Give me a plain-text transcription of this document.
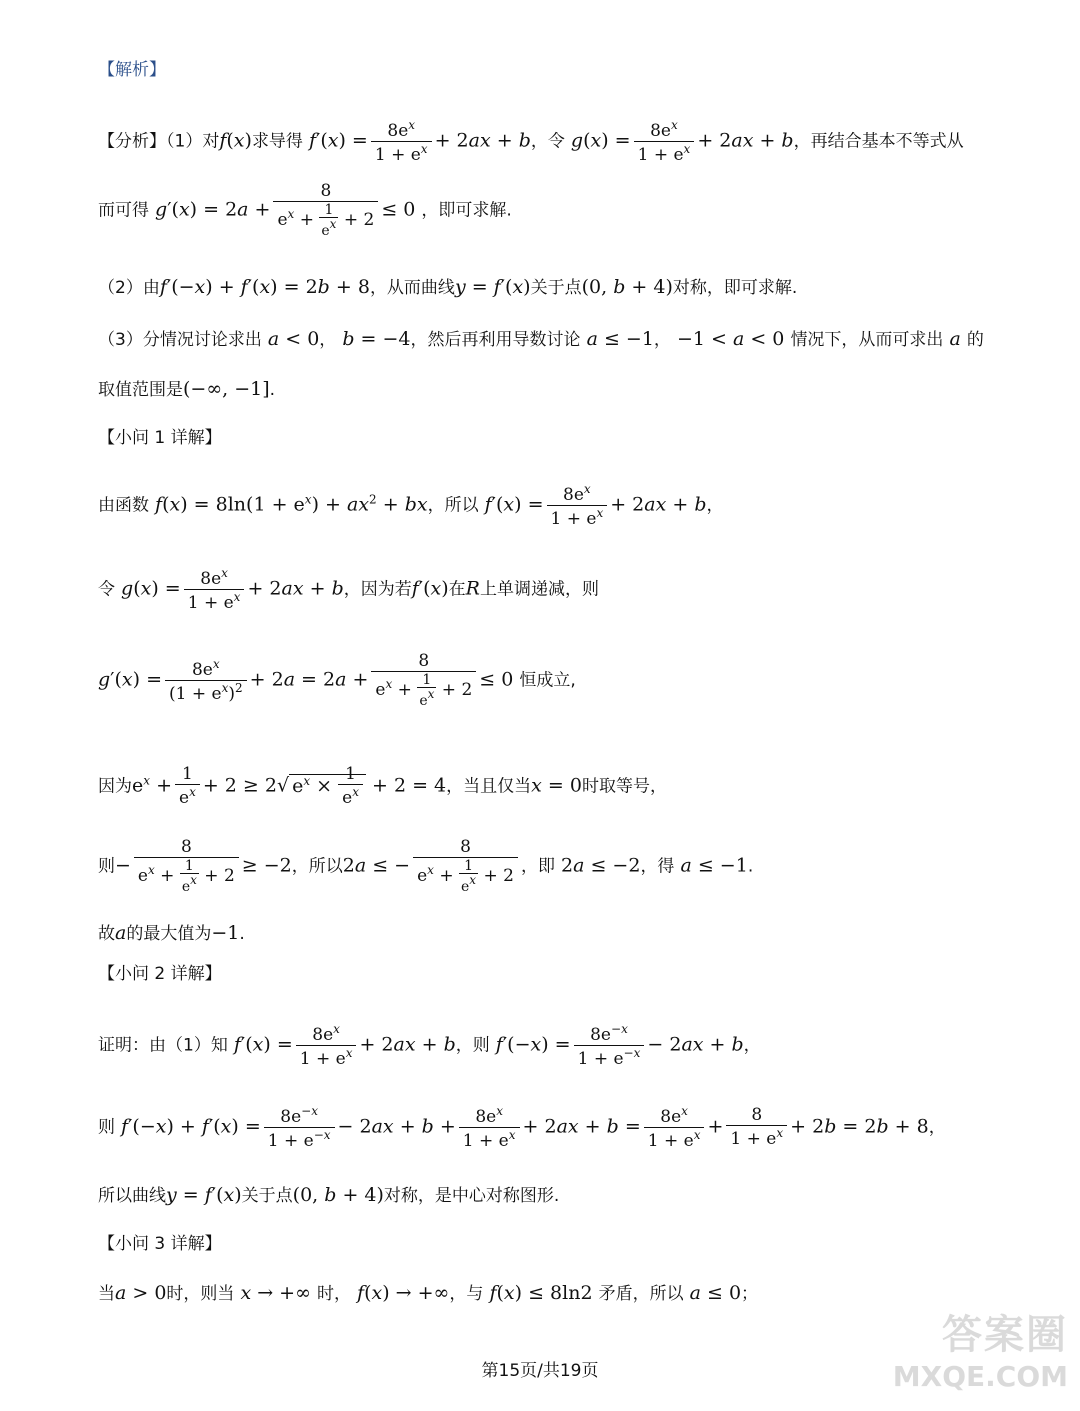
【解析】
【分析】（1）对f(x)求导得 $f'(x) = \frac{8e^x}{1 + e^x} + 2ax + b$，令 $g(x) = \frac{8e^x}{1 + e^x} + 2ax + b$，再结合基本不等式从
而可得 $g'(x) = 2a + \frac{8}{e^x + \frac{1}{e^x} + 2} \le 0$ ，即可求解.
（2）由f′(−x) + f′(x) = 2b + 8，从而曲线y = f′(x)关于点(0, b + 4)对称，即可求解.
（3）分情况讨论求出 a < 0， b = −4，然后再利用导数讨论 a ≤ −1， −1 < a < 0 情况下，从而可求出 a 的
取值范围是(−∞, −1].
【小问 1 详解】
由函数 $f(x) = 8\ln(1 + e^x) + ax^2$ + bx，所以 $f'(x) = \frac{8e^x}{1 + e^x} + 2ax + b$，
令 $g(x) = \frac{8e^x}{1 + e^x} + 2ax + b$，因为若f′(x)在R上单调递减，则
$g'(x) = \frac{8e^x}{(1 + e^x)^2} + 2a = 2a + \frac{8}{e^x + \frac{1}{e^x} + 2} \le 0$ 恒成立,
因为$e^x + \frac{1}{e^x} + 2 \ge 2√$ $e^x \times \frac{1}{e^x} + 2 = 4$，当且仅当x = 0时取等号，
则− $\frac{8}{e^x + \frac{1}{e^x} + 2} \ge -2$，所以2a ≤ − $\frac{8}{e^x + \frac{1}{e^x} + 2}$ ，即 2a ≤ −2，得 a ≤ −1.
故a的最大值为−1.
【小问 2 详解】
证明：由（1）知 $f'(x) = \frac{8e^x}{1 + e^x} + 2ax + b$，则 $f'(-x) = \frac{8e^{-x}}{1 + e^{-x}} - 2ax + b$，
则 $f'(-x) + f'(x) = \frac{8e^{-x}}{1 + e^{-x}} - 2ax + b + \frac{8e^x}{1 + e^x} + 2ax + b = \frac{8e^x}{1 + e^x} + \frac{8}{1 + e^x} + 2b = 2b + 8$，
所以曲线y = f′(x)关于点(0, b + 4)对称，是中心对称图形.
【小问 3 详解】
当a > 0时，则当 x → +∞ 时， f(x) → +∞，与 f(x) ≤ 8ln2 矛盾，所以 a ≤ 0；
第15页/共19页
答案圈
MXQE.COM
